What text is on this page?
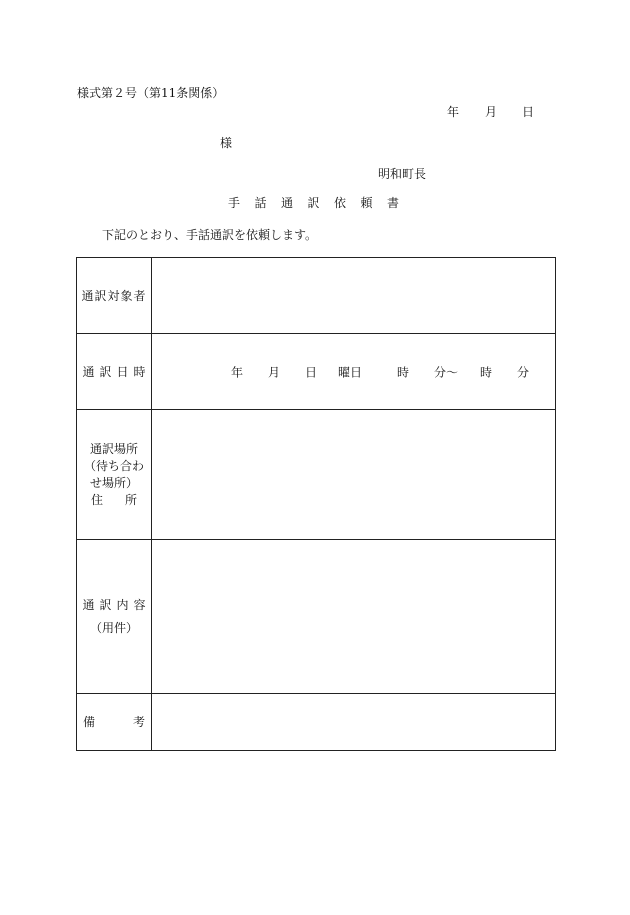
様式第２号（第11条関係）
年 月 日
様
明和町長
手 話 通 訳 依 頼 書
下記のとおり、手話通訳を依頼します。
通訳対象者
通訳日時	年 月 日 曜日	時 分〜 時 分
通訳場所
（待ち合わ
せ場所）
住 所
通訳内容
（用件）
備	考
